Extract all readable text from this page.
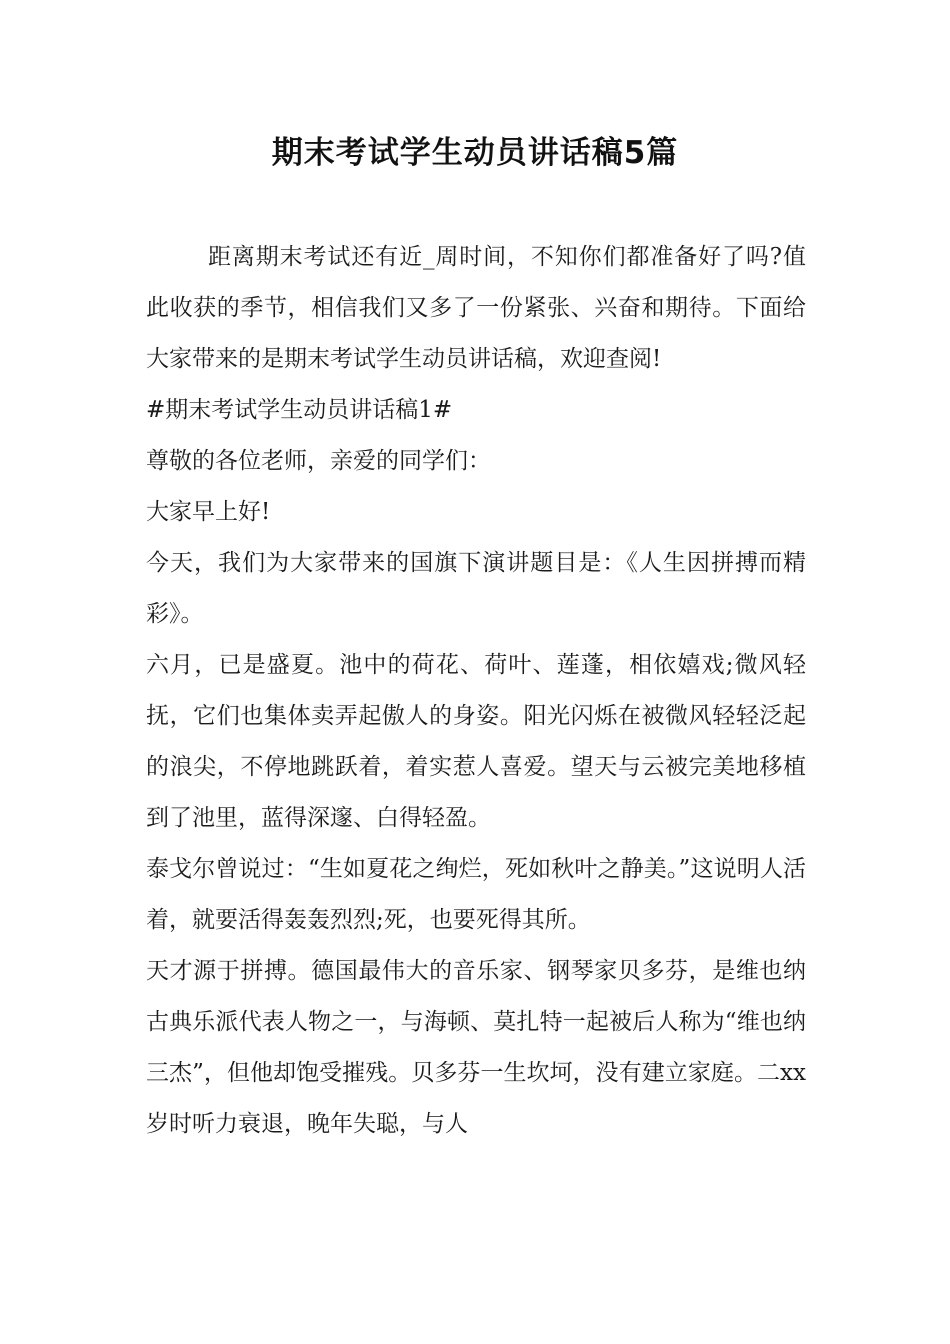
期末考试学生动员讲话稿5篇

距离期末考试还有近_周时间，不知你们都准备好了吗?值此收获的季节，相信我们又多了一份紧张、兴奋和期待。下面给大家带来的是期末考试学生动员讲话稿，欢迎查阅!

#期末考试学生动员讲话稿1#

尊敬的各位老师，亲爱的同学们：

大家早上好!

今天，我们为大家带来的国旗下演讲题目是：《人生因拼搏而精彩》。

六月，已是盛夏。池中的荷花、荷叶、莲蓬，相依嬉戏;微风轻抚，它们也集体卖弄起傲人的身姿。阳光闪烁在被微风轻轻泛起的浪尖，不停地跳跃着，着实惹人喜爱。望天与云被完美地移植到了池里，蓝得深邃、白得轻盈。

泰戈尔曾说过：“生如夏花之绚烂，死如秋叶之静美。”这说明人活着，就要活得轰轰烈烈;死，也要死得其所。

天才源于拼搏。德国最伟大的音乐家、钢琴家贝多芬，是维也纳古典乐派代表人物之一，与海顿、莫扎特一起被后人称为“维也纳三杰”，但他却饱受摧残。贝多芬一生坎坷，没有建立家庭。二xx岁时听力衰退，晚年失聪，与人
